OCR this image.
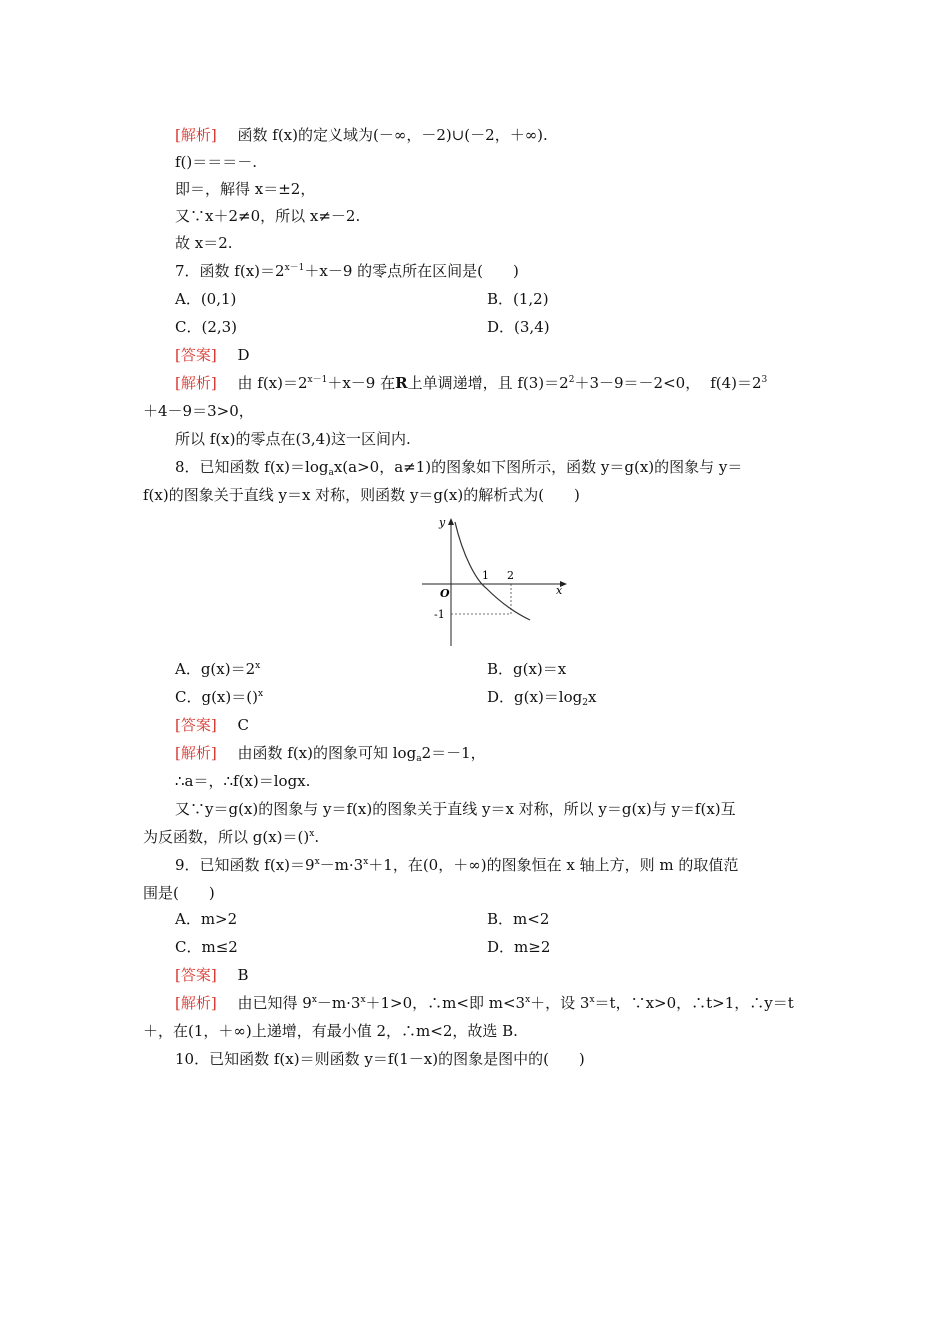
[解析] 函数 f(x)的定义域为(－∞，－2)∪(－2，＋∞).
f()＝＝＝－.
即＝，解得 x＝±2，
又∵x＋2≠0，所以 x≠－2.
故 x＝2.
7．函数 $f(x)=2^{x-1}+x-9$ 的零点所在区间是(　　)
A．(0,1)	B．(1,2)
C．(2,3)	D．(3,4)
[答案] D
[解析] 由 $f(x)=2^{x-1}+x-9$ 在R上单调递增，且 $f(3)=2^2+3-9=-2<0$， $f(4)=2^3$
＋4－9＝3>0，
所以 f(x)的零点在(3,4)这一区间内.
8．已知函数 $f(x)=\log_ax(a>0$，a≠1)的图象如下图所示，函数 y＝g(x)的图象与 y＝
f(x)的图象关于直线 y＝x 对称，则函数 y＝g(x)的解析式为(　　)
y
x
O
1 2
-1
A．$g(x)=2^x$	B．g(x)＝x
C．g(x)＝()$^x$	D．$g(x)=\log_2x$
[答案] C
[解析] 由函数 f(x)的图象可知 $\log_a2=-1$，
∴a＝，∴f(x)＝logx.
又∵y＝g(x)的图象与 y＝f(x)的图象关于直线 y＝x 对称，所以 y＝g(x)与 y＝f(x)互
为反函数，所以 g(x)＝()$^x$.
9．已知函数 $f(x)=9^x-m\cdot 3^x+1$，在(0，＋∞)的图象恒在 x 轴上方，则 m 的取值范
围是(　　)
A．m>2	B．m<2
C．m≤2	D．m≥2
[答案] B
[解析] 由已知得 $9^x-m\cdot 3^x+1>0$，∴m<即 $m<3^x+$，设 $3^x=t$，∵x>0，∴t>1，∴y＝t
＋，在(1，＋∞)上递增，有最小值 2，∴m<2，故选 B.
10．已知函数 f(x)＝则函数 y＝f(1－x)的图象是图中的(　　)
